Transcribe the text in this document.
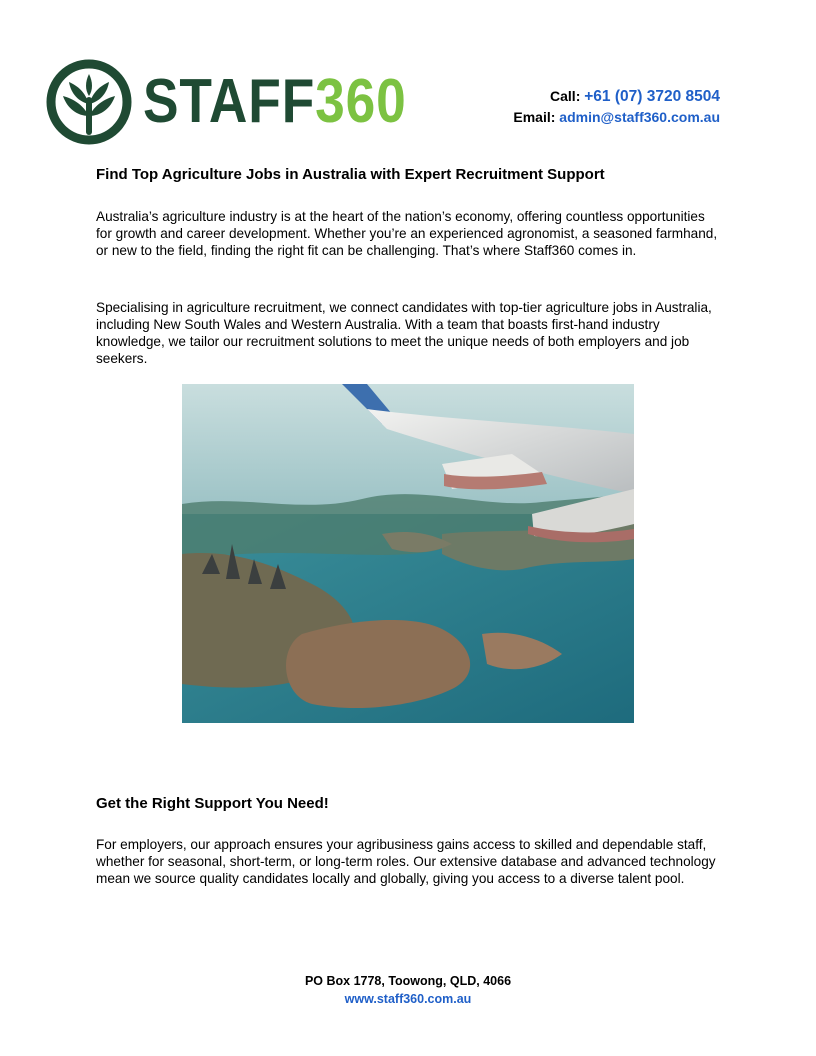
STAFF360	Call: +61 (07) 3720 8504
Email: admin@staff360.com.au
Find Top Agriculture Jobs in Australia with Expert Recruitment Support

Australia’s agriculture industry is at the heart of the nation’s economy, offering countless opportunities for growth and career development. Whether you’re an experienced agronomist, a seasoned farmhand, or new to the field, finding the right fit can be challenging. That’s where Staff360 comes in.

Specialising in agriculture recruitment, we connect candidates with top-tier agriculture jobs in Australia, including New South Wales and Western Australia. With a team that boasts first-hand industry knowledge, we tailor our recruitment solutions to meet the unique needs of both employers and job seekers.

Get the Right Support You Need!

For employers, our approach ensures your agribusiness gains access to skilled and dependable staff, whether for seasonal, short-term, or long-term roles. Our extensive database and advanced technology mean we source quality candidates locally and globally, giving you access to a diverse talent pool.

PO Box 1778, Toowong, QLD, 4066
www.staff360.com.au
